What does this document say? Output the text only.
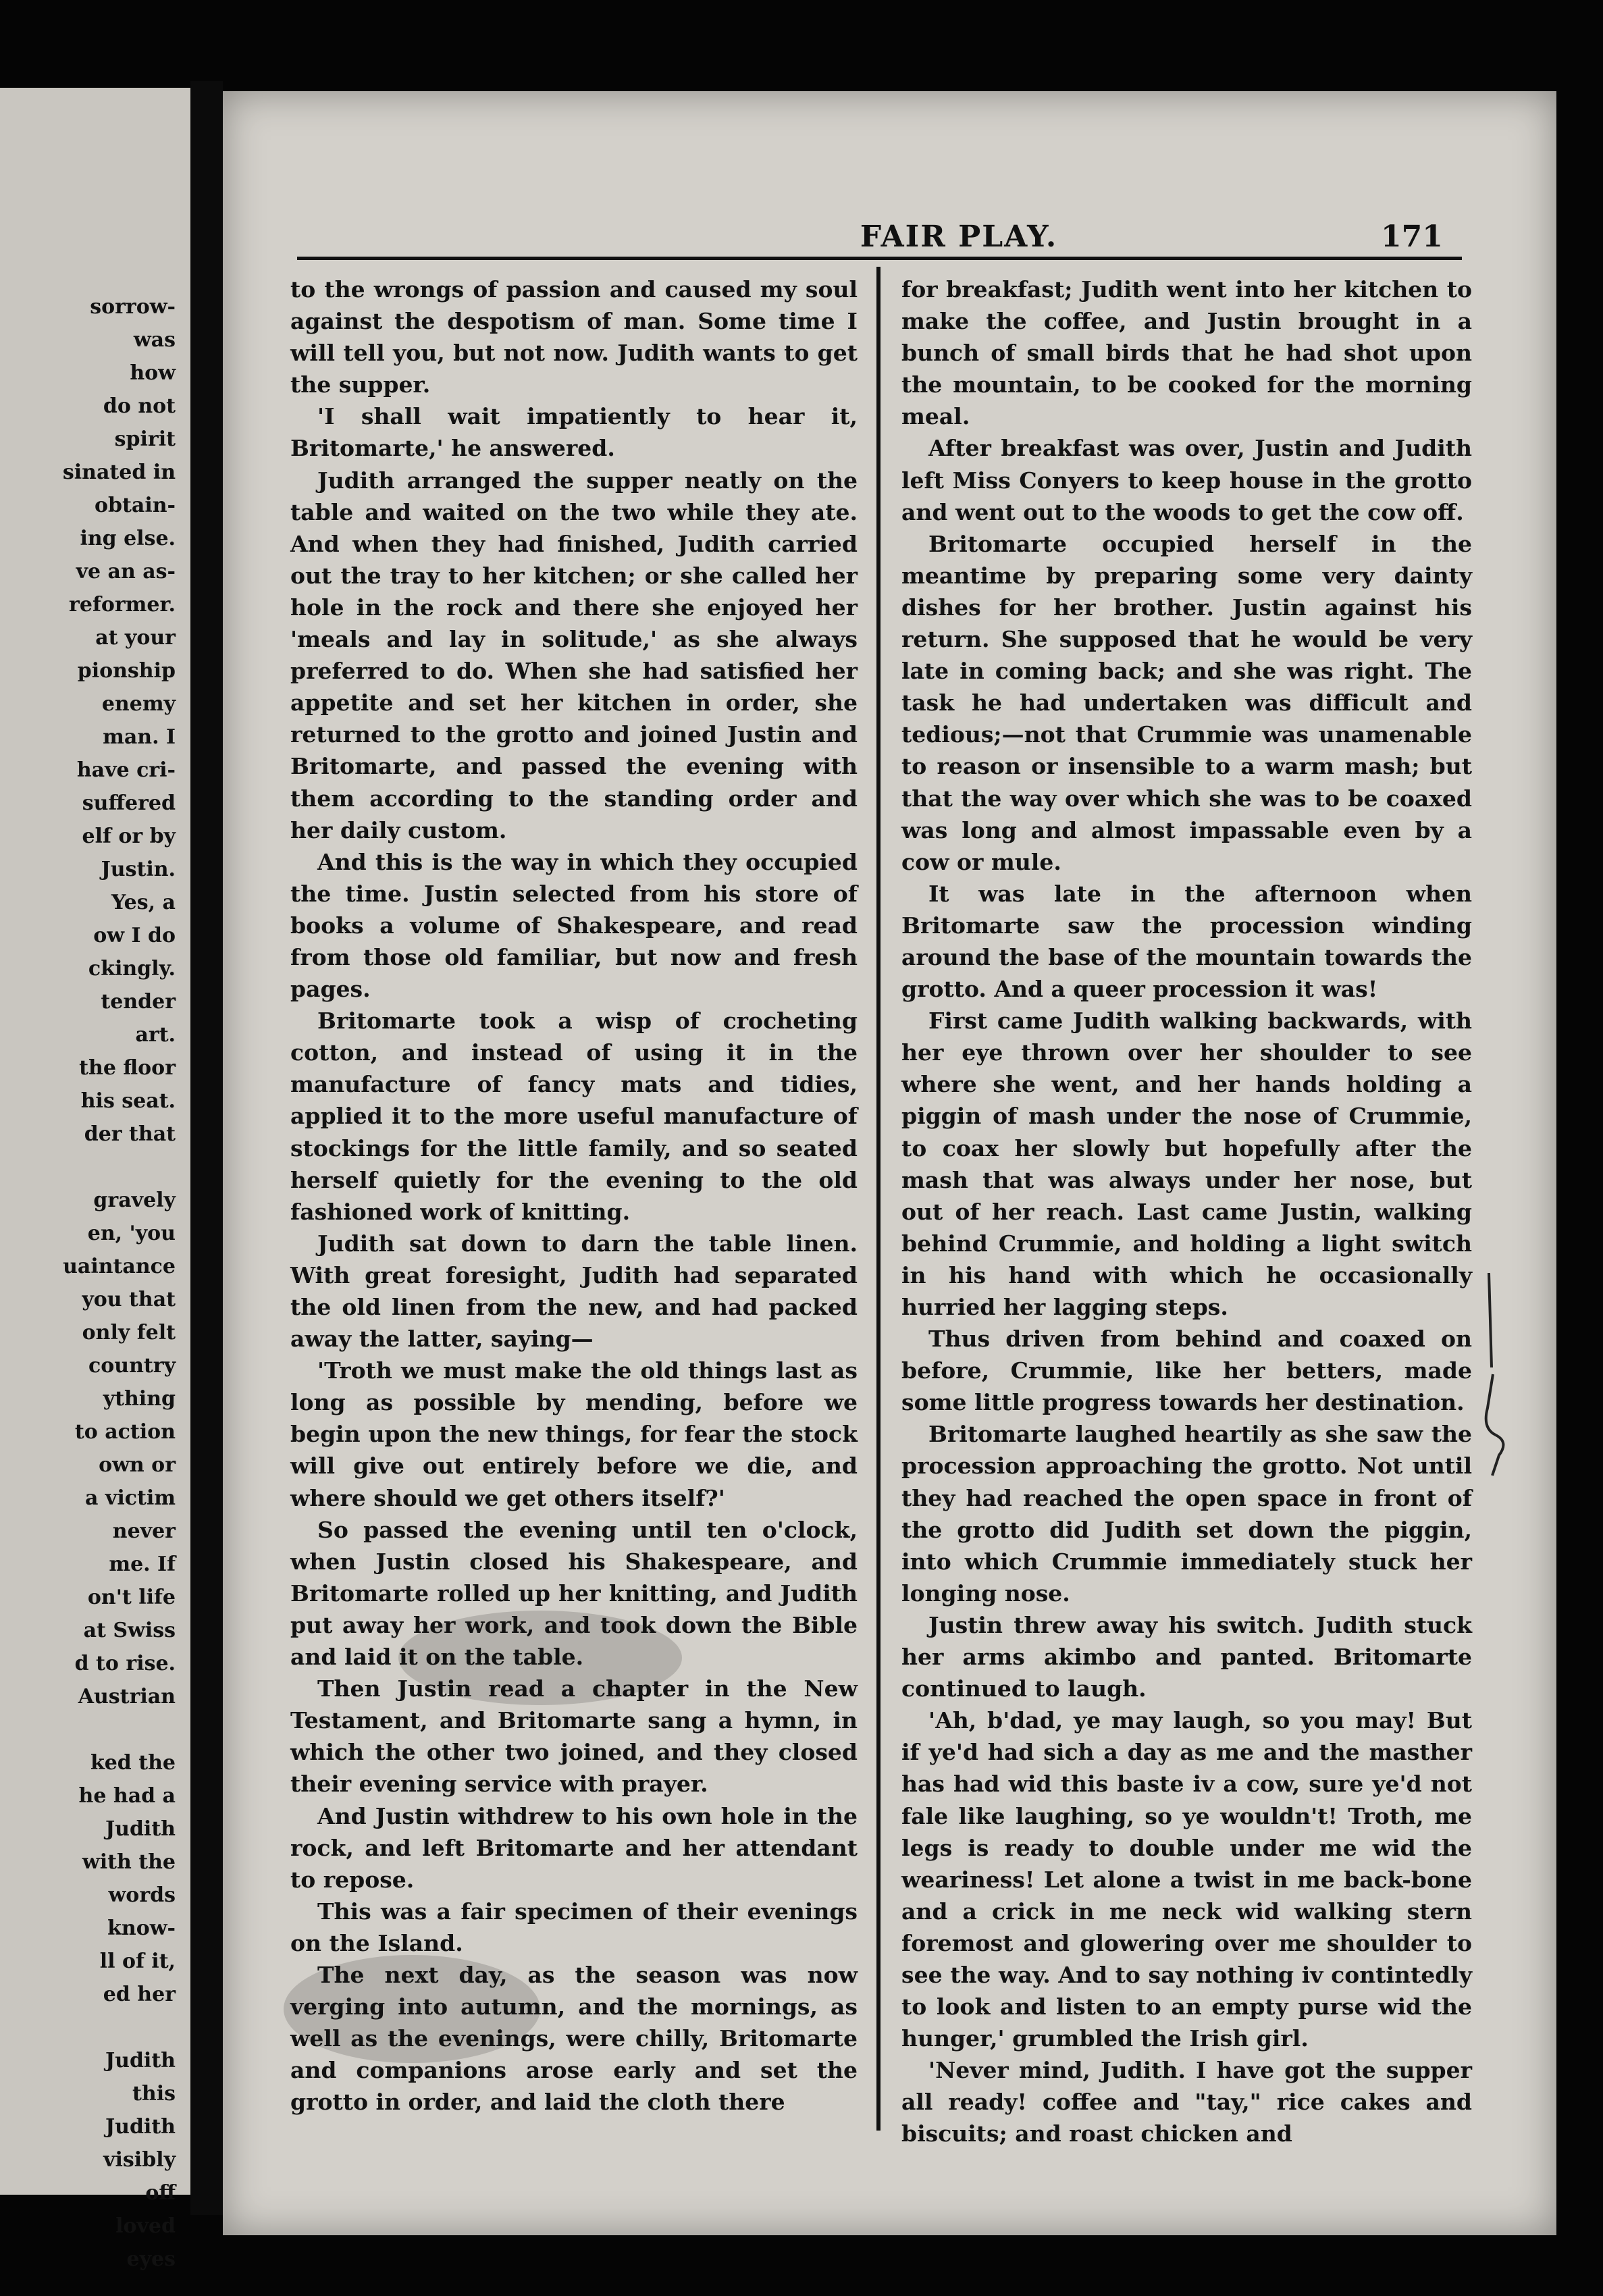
sorrow-
was
how
do not
spirit
sinated in
obtain-
ing else.
ve an as-
reformer.
at your
pionship
enemy
man. I
have cri-
suffered
elf or by
Justin.
Yes, a
ow I do
ckingly.
tender
art.
the floor
his seat.
der that
gravely
en, 'you
uaintance
you that
only felt
country
ything
to action
own or
a victim
never
me. If
on't life
at Swiss
d to rise.
Austrian
ked the
he had a
Judith
with the
words
know-
ll of it,
ed her
Judith
this
Judith
visibly
off
loved
eyes
FAIR PLAY.	171

to the wrongs of passion and caused my soul against the despotism of man. Some time I will tell you, but not now. Judith wants to get the supper.

'I shall wait impatiently to hear it, Britomarte,' he answered.

Judith arranged the supper neatly on the table and waited on the two while they ate. And when they had finished, Judith carried out the tray to her kitchen; or she called her hole in the rock and there she enjoyed her 'meals and lay in solitude,' as she always preferred to do. When she had satisfied her appetite and set her kitchen in order, she returned to the grotto and joined Justin and Britomarte, and passed the evening with them according to the standing order and her daily custom.

And this is the way in which they occupied the time. Justin selected from his store of books a volume of Shakespeare, and read from those old familiar, but now and fresh pages.

Britomarte took a wisp of crocheting cotton, and instead of using it in the manufacture of fancy mats and tidies, applied it to the more useful manufacture of stockings for the little family, and so seated herself quietly for the evening to the old fashioned work of knitting.

Judith sat down to darn the table linen. With great foresight, Judith had separated the old linen from the new, and had packed away the latter, saying—

'Troth we must make the old things last as long as possible by mending, before we begin upon the new things, for fear the stock will give out entirely before we die, and where should we get others itself?'

So passed the evening until ten o'clock, when Justin closed his Shakespeare, and Britomarte rolled up her knitting, and Judith put away her work, and took down the Bible and laid it on the table.

Then Justin read a chapter in the New Testament, and Britomarte sang a hymn, in which the other two joined, and they closed their evening service with prayer.

And Justin withdrew to his own hole in the rock, and left Britomarte and her attendant to repose.

This was a fair specimen of their evenings on the Island.

The next day, as the season was now verging into autumn, and the mornings, as well as the evenings, were chilly, Britomarte and companions arose early and set the grotto in order, and laid the cloth there

for breakfast; Judith went into her kitchen to make the coffee, and Justin brought in a bunch of small birds that he had shot upon the mountain, to be cooked for the morning meal.

After breakfast was over, Justin and Judith left Miss Conyers to keep house in the grotto and went out to the woods to get the cow off.

Britomarte occupied herself in the meantime by preparing some very dainty dishes for her brother. Justin against his return. She supposed that he would be very late in coming back; and she was right. The task he had undertaken was difficult and tedious;—not that Crummie was unamenable to reason or insensible to a warm mash; but that the way over which she was to be coaxed was long and almost impassable even by a cow or mule.

It was late in the afternoon when Britomarte saw the procession winding around the base of the mountain towards the grotto. And a queer procession it was!

First came Judith walking backwards, with her eye thrown over her shoulder to see where she went, and her hands holding a piggin of mash under the nose of Crummie, to coax her slowly but hopefully after the mash that was always under her nose, but out of her reach. Last came Justin, walking behind Crummie, and holding a light switch in his hand with which he occasionally hurried her lagging steps.

Thus driven from behind and coaxed on before, Crummie, like her betters, made some little progress towards her destination.

Britomarte laughed heartily as she saw the procession approaching the grotto. Not until they had reached the open space in front of the grotto did Judith set down the piggin, into which Crummie immediately stuck her longing nose.

Justin threw away his switch. Judith stuck her arms akimbo and panted. Britomarte continued to laugh.

'Ah, b'dad, ye may laugh, so you may! But if ye'd had sich a day as me and the masther has had wid this baste iv a cow, sure ye'd not fale like laughing, so ye wouldn't! Troth, me legs is ready to double under me wid the weariness! Let alone a twist in me back-bone and a crick in me neck wid walking stern foremost and glowering over me shoulder to see the way. And to say nothing iv contintedly to look and listen to an empty purse wid the hunger,' grumbled the Irish girl.

'Never mind, Judith. I have got the supper all ready! coffee and "tay," rice cakes and biscuits; and roast chicken and
